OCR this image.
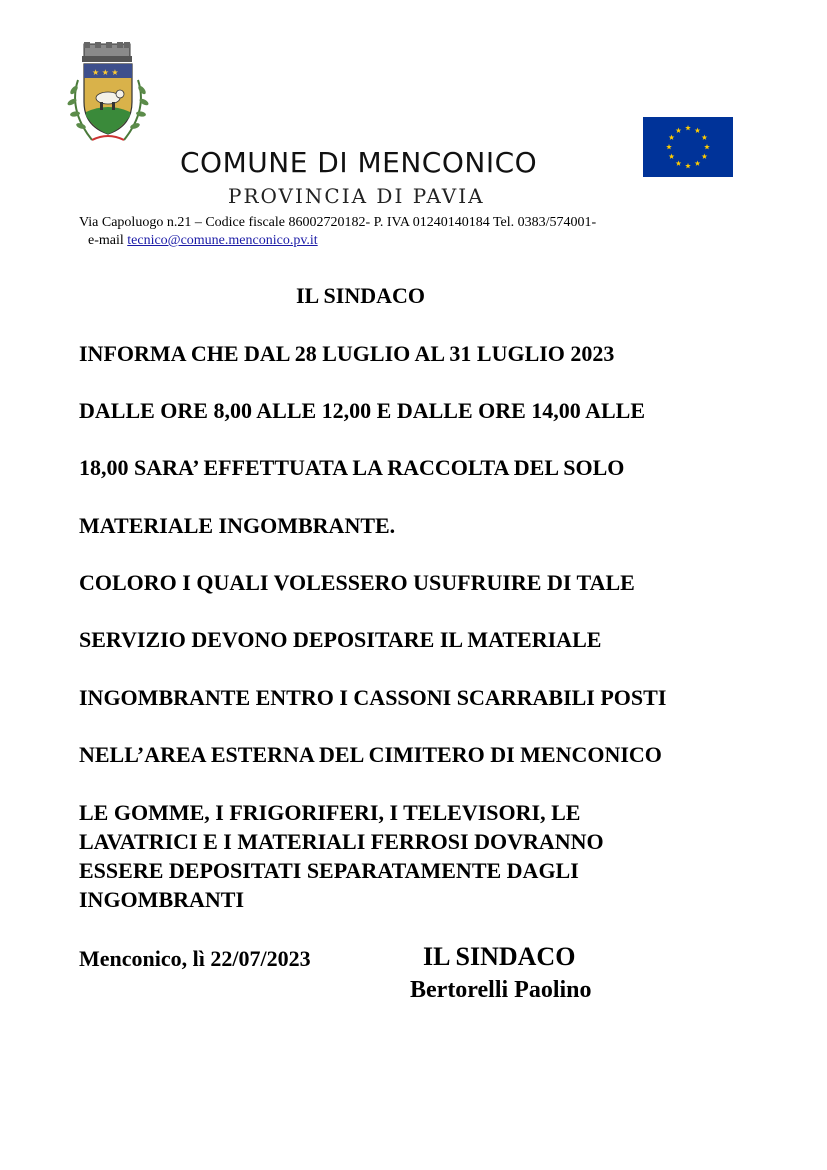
★ ★ ★
COMUNE DI MENCONICO
PROVINCIA DI PAVIA
Via Capoluogo n.21 – Codice fiscale 86002720182- P. IVA 01240140184 Tel. 0383/574001-
e-mail tecnico@comune.menconico.pv.it
IL SINDACO
INFORMA CHE DAL 28 LUGLIO AL 31 LUGLIO 2023
DALLE ORE 8,00 ALLE 12,00 E DALLE ORE 14,00 ALLE
18,00 SARA’ EFFETTUATA LA RACCOLTA DEL SOLO
MATERIALE INGOMBRANTE.
COLORO I QUALI VOLESSERO USUFRUIRE DI TALE
SERVIZIO DEVONO DEPOSITARE IL MATERIALE
INGOMBRANTE ENTRO I CASSONI SCARRABILI POSTI
NELL’AREA ESTERNA DEL CIMITERO DI MENCONICO
LE GOMME, I FRIGORIFERI, I TELEVISORI, LE
LAVATRICI E I MATERIALI FERROSI DOVRANNO
ESSERE DEPOSITATI SEPARATAMENTE DAGLI
INGOMBRANTI
Menconico, lì 22/07/2023	IL SINDACO
Bertorelli Paolino
